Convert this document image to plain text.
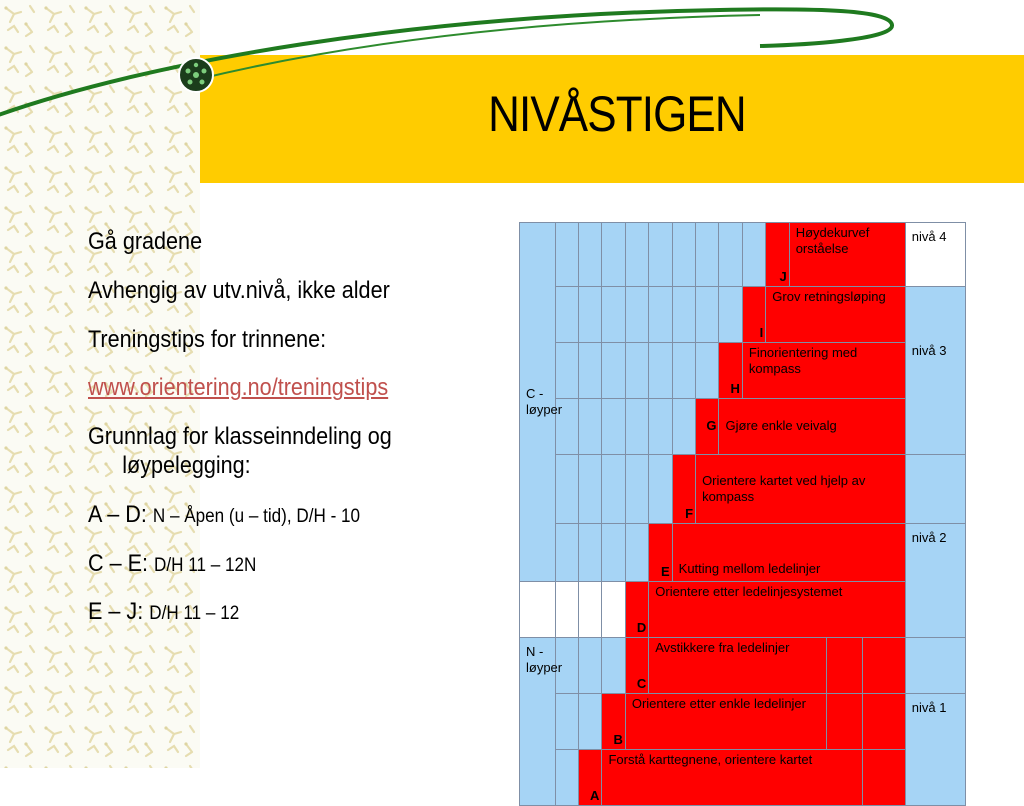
NIVÅSTIGEN
Gå gradene
Avhengig av utv.nivå, ikke alder
Treningstips for trinnene:
www.orientering.no/treningstips
Grunnlag for klasseinndeling og løypelegging:
A – D: N – Åpen (u – tid), D/H - 10
C – E: D/H 11 – 12N
E – J: D/H 11 – 12
C - løyper										J	Høydekurvef orståelse			nivå 4
									I	Grov retningsløping				nivå 3

								H	Finorientering med kompass					
							G	Gjøre enkle veivalg						
						F	Orientere kartet ved hjelp av kompass							
					E	Kutting mellom ledelinjer								nivå 2
				D	Orientere etter ledelinjesystemet									
N - løyper				C	Avstikkere fra ledelinjer									
			B	Orientere etter enkle ledelinjer										nivå 1
		A	Forstå karttegnene, orientere kartet											
